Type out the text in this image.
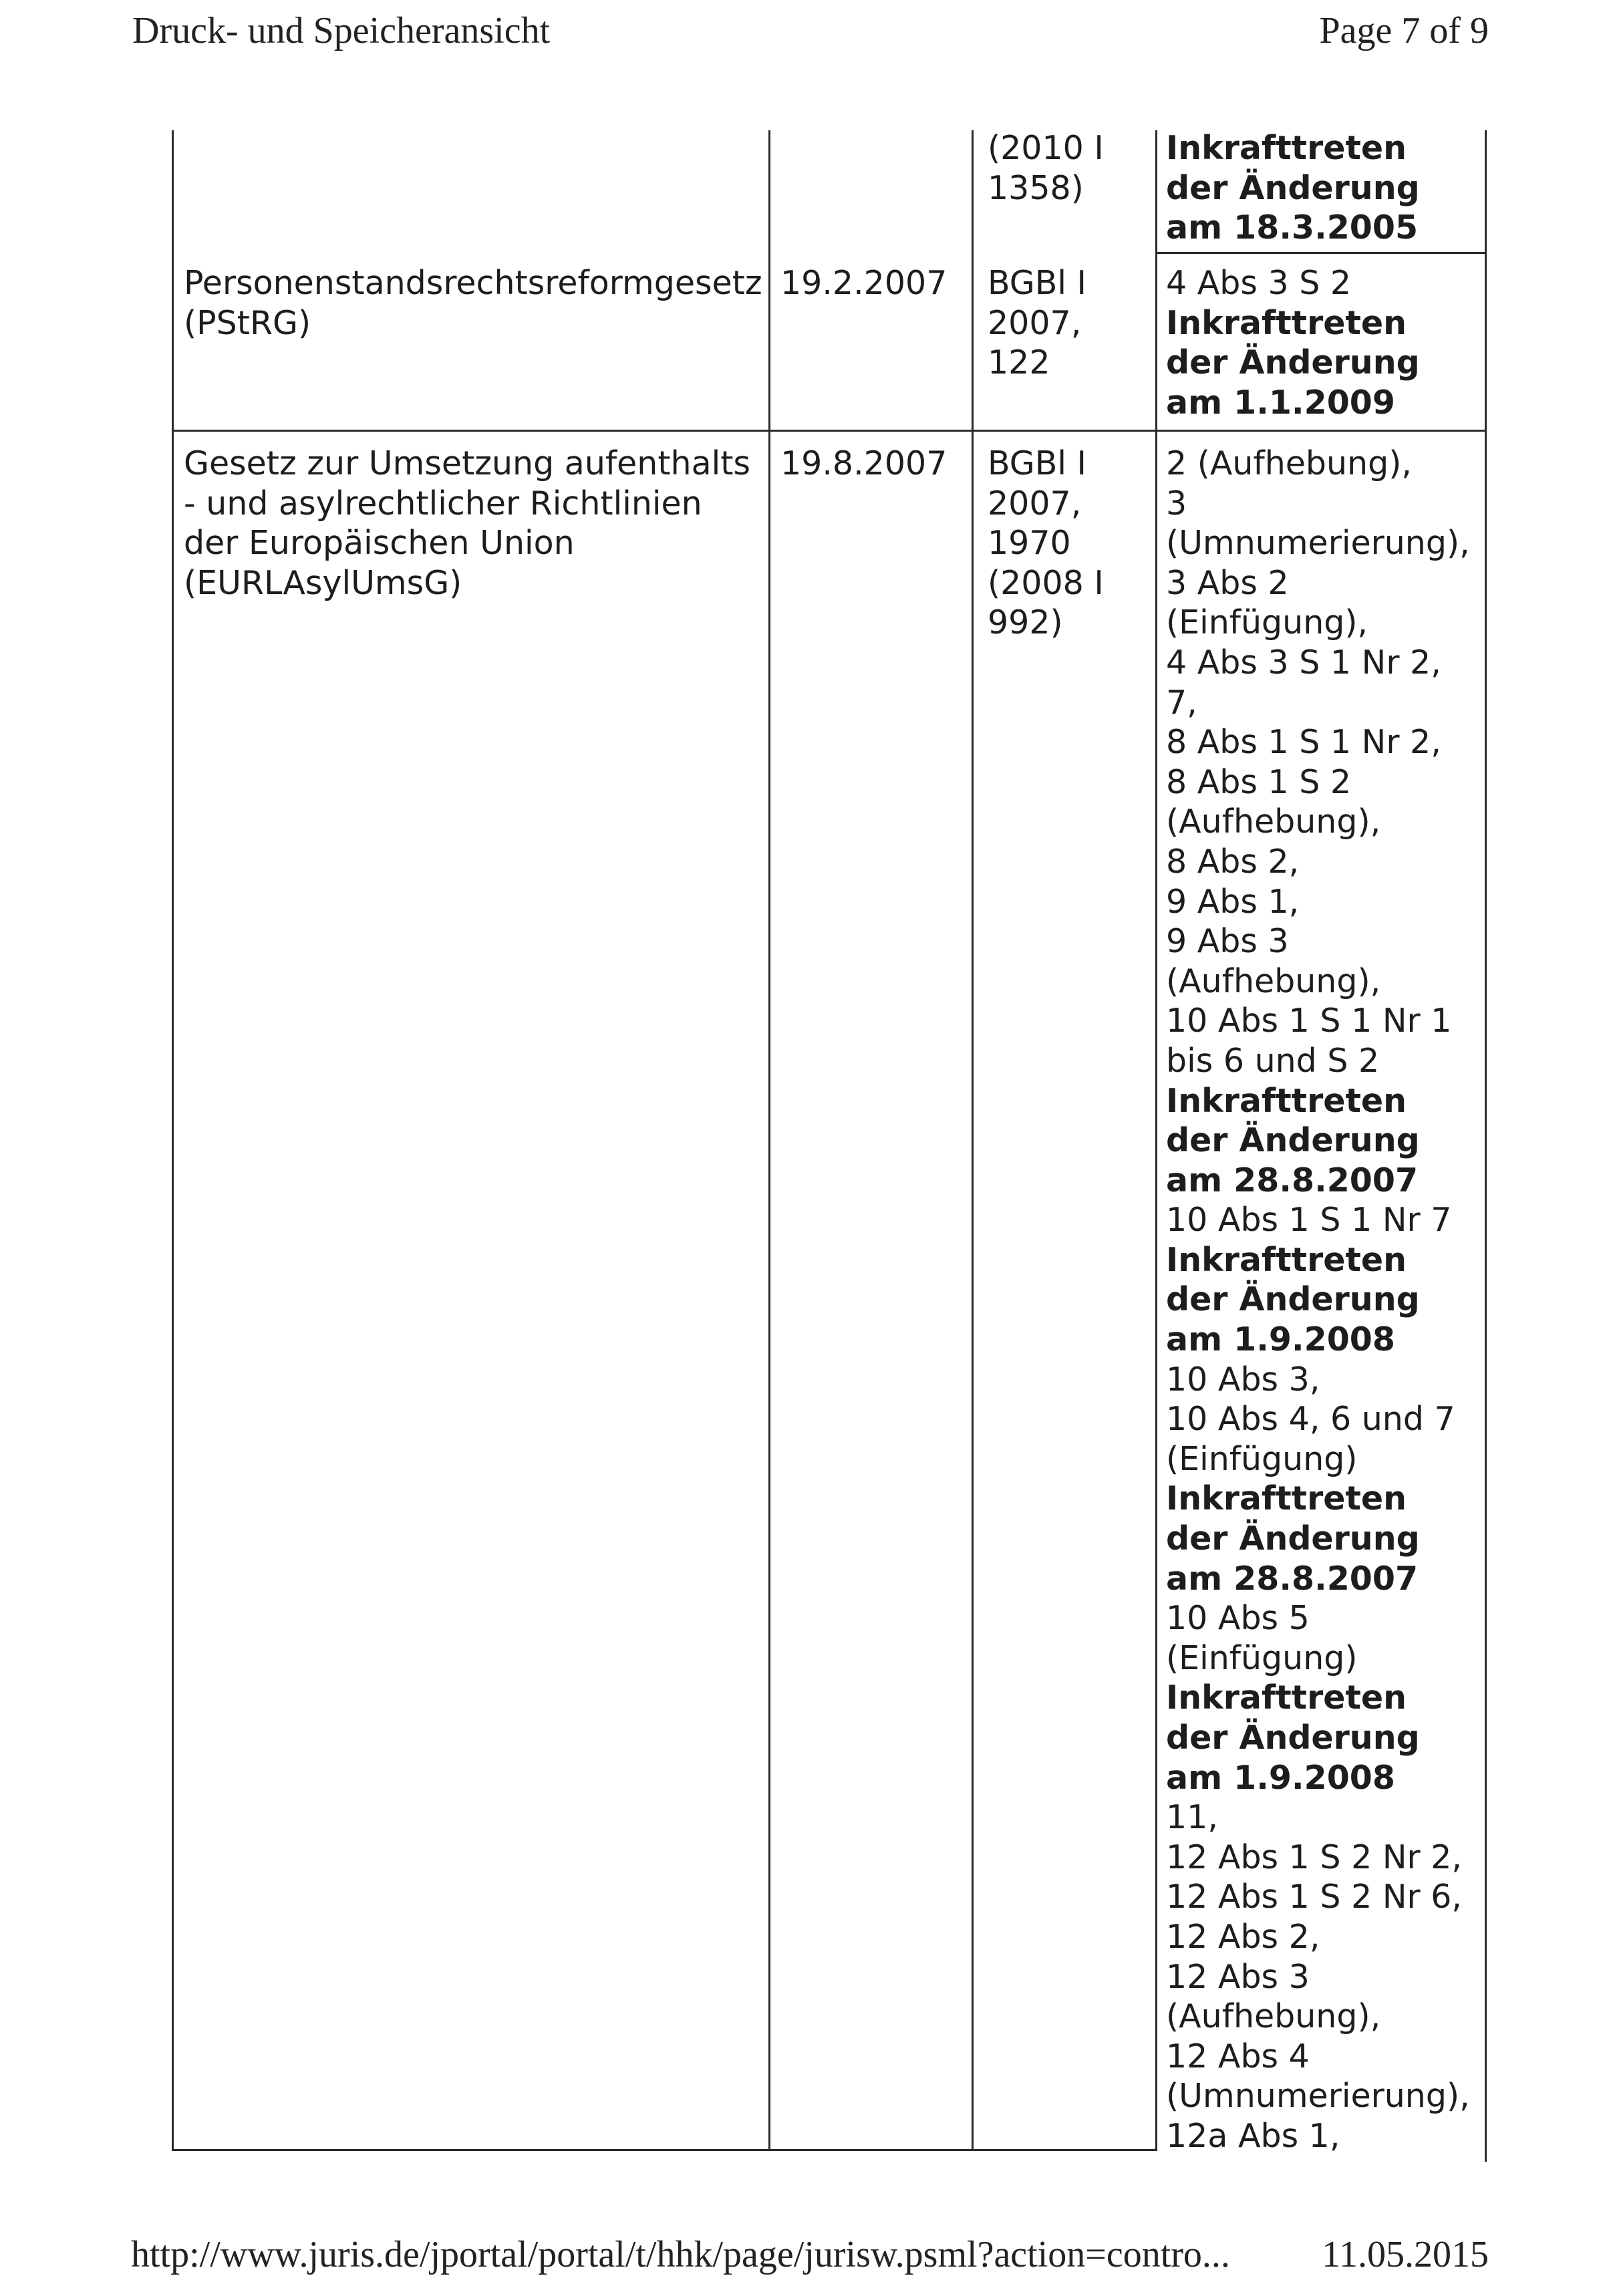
Druck- und Speicheransicht	Page 7 of 9
(2010 I
1358)
Inkrafttreten
der Änderung
am 18.3.2005
Personenstandsrechtsreformgesetz
(PStRG)
19.2.2007 BGBl I
2007,
122
4 Abs 3 S 2
Inkrafttreten
der Änderung
am 1.1.2009
Gesetz zur Umsetzung aufenthalts
- und asylrechtlicher Richtlinien
der Europäischen Union
(EURLAsylUmsG)
19.8.2007 BGBl I
2007,
1970
(2008 I
992)
2 (Aufhebung),
3
(Umnumerierung),
3 Abs 2
(Einfügung),
4 Abs 3 S 1 Nr 2,
7,
8 Abs 1 S 1 Nr 2,
8 Abs 1 S 2
(Aufhebung),
8 Abs 2,
9 Abs 1,
9 Abs 3
(Aufhebung),
10 Abs 1 S 1 Nr 1
bis 6 und S 2
Inkrafttreten
der Änderung
am 28.8.2007
10 Abs 1 S 1 Nr 7
Inkrafttreten
der Änderung
am 1.9.2008
10 Abs 3,
10 Abs 4, 6 und 7
(Einfügung)
Inkrafttreten
der Änderung
am 28.8.2007
10 Abs 5
(Einfügung)
Inkrafttreten
der Änderung
am 1.9.2008
11,
12 Abs 1 S 2 Nr 2,
12 Abs 1 S 2 Nr 6,
12 Abs 2,
12 Abs 3
(Aufhebung),
12 Abs 4
(Umnumerierung),
12a Abs 1,
http://www.juris.de/jportal/portal/t/hhk/page/jurisw.psml?action=contro... 11.05.2015
